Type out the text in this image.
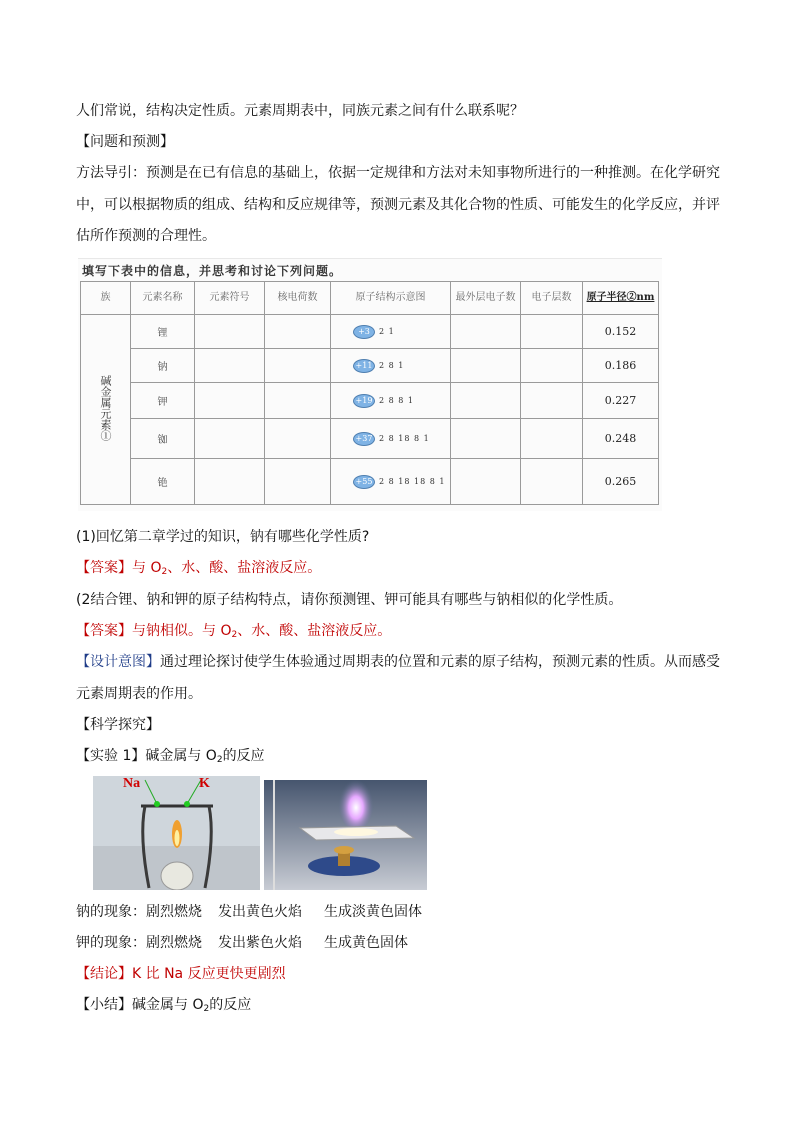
人们常说，结构决定性质。元素周期表中，同族元素之间有什么联系呢？
【问题和预测】
方法导引：预测是在已有信息的基础上，依据一定规律和方法对未知事物所进行的一种推测。在化学研究
中，可以根据物质的组成、结构和反应规律等，预测元素及其化合物的性质、可能发生的化学反应，并评
估所作预测的合理性。
填写下表中的信息，并思考和讨论下列问题。
族	元素名称	元素符号	核电荷数	原子结构示意图	最外层电子数	电子层数	原子半径②nm
碱金属元素①	锂			+3 2 1			0.152
	钠			+11 2 8 1			0.186
	钾			+19 2 8 8 1			0.227
	铷			+37 2 8 18 8 1			0.248
	铯			+55 2 8 18 18 8 1			0.265
(1)回忆第二章学过的知识，钠有哪些化学性质?
【答案】与 $O_2$、水、酸、盐溶液反应。
(2结合锂、钠和钾的原子结构特点，请你预测锂、钾可能具有哪些与钠相似的化学性质。
【答案】与钠相似。与 $O_2$、水、酸、盐溶液反应。
【设计意图】通过理论探讨使学生体验通过周期表的位置和元素的原子结构，预测元素的性质。从而感受
元素周期表的作用。
【科学探究】
【实验 1】碱金属与 $O_2$的反应
Na	K
钠的现象：剧烈燃烧 发出黄色火焰 生成淡黄色固体
钾的现象：剧烈燃烧 发出紫色火焰 生成黄色固体
【结论】K 比 Na 反应更快更剧烈
【小结】碱金属与 $O_2$的反应
